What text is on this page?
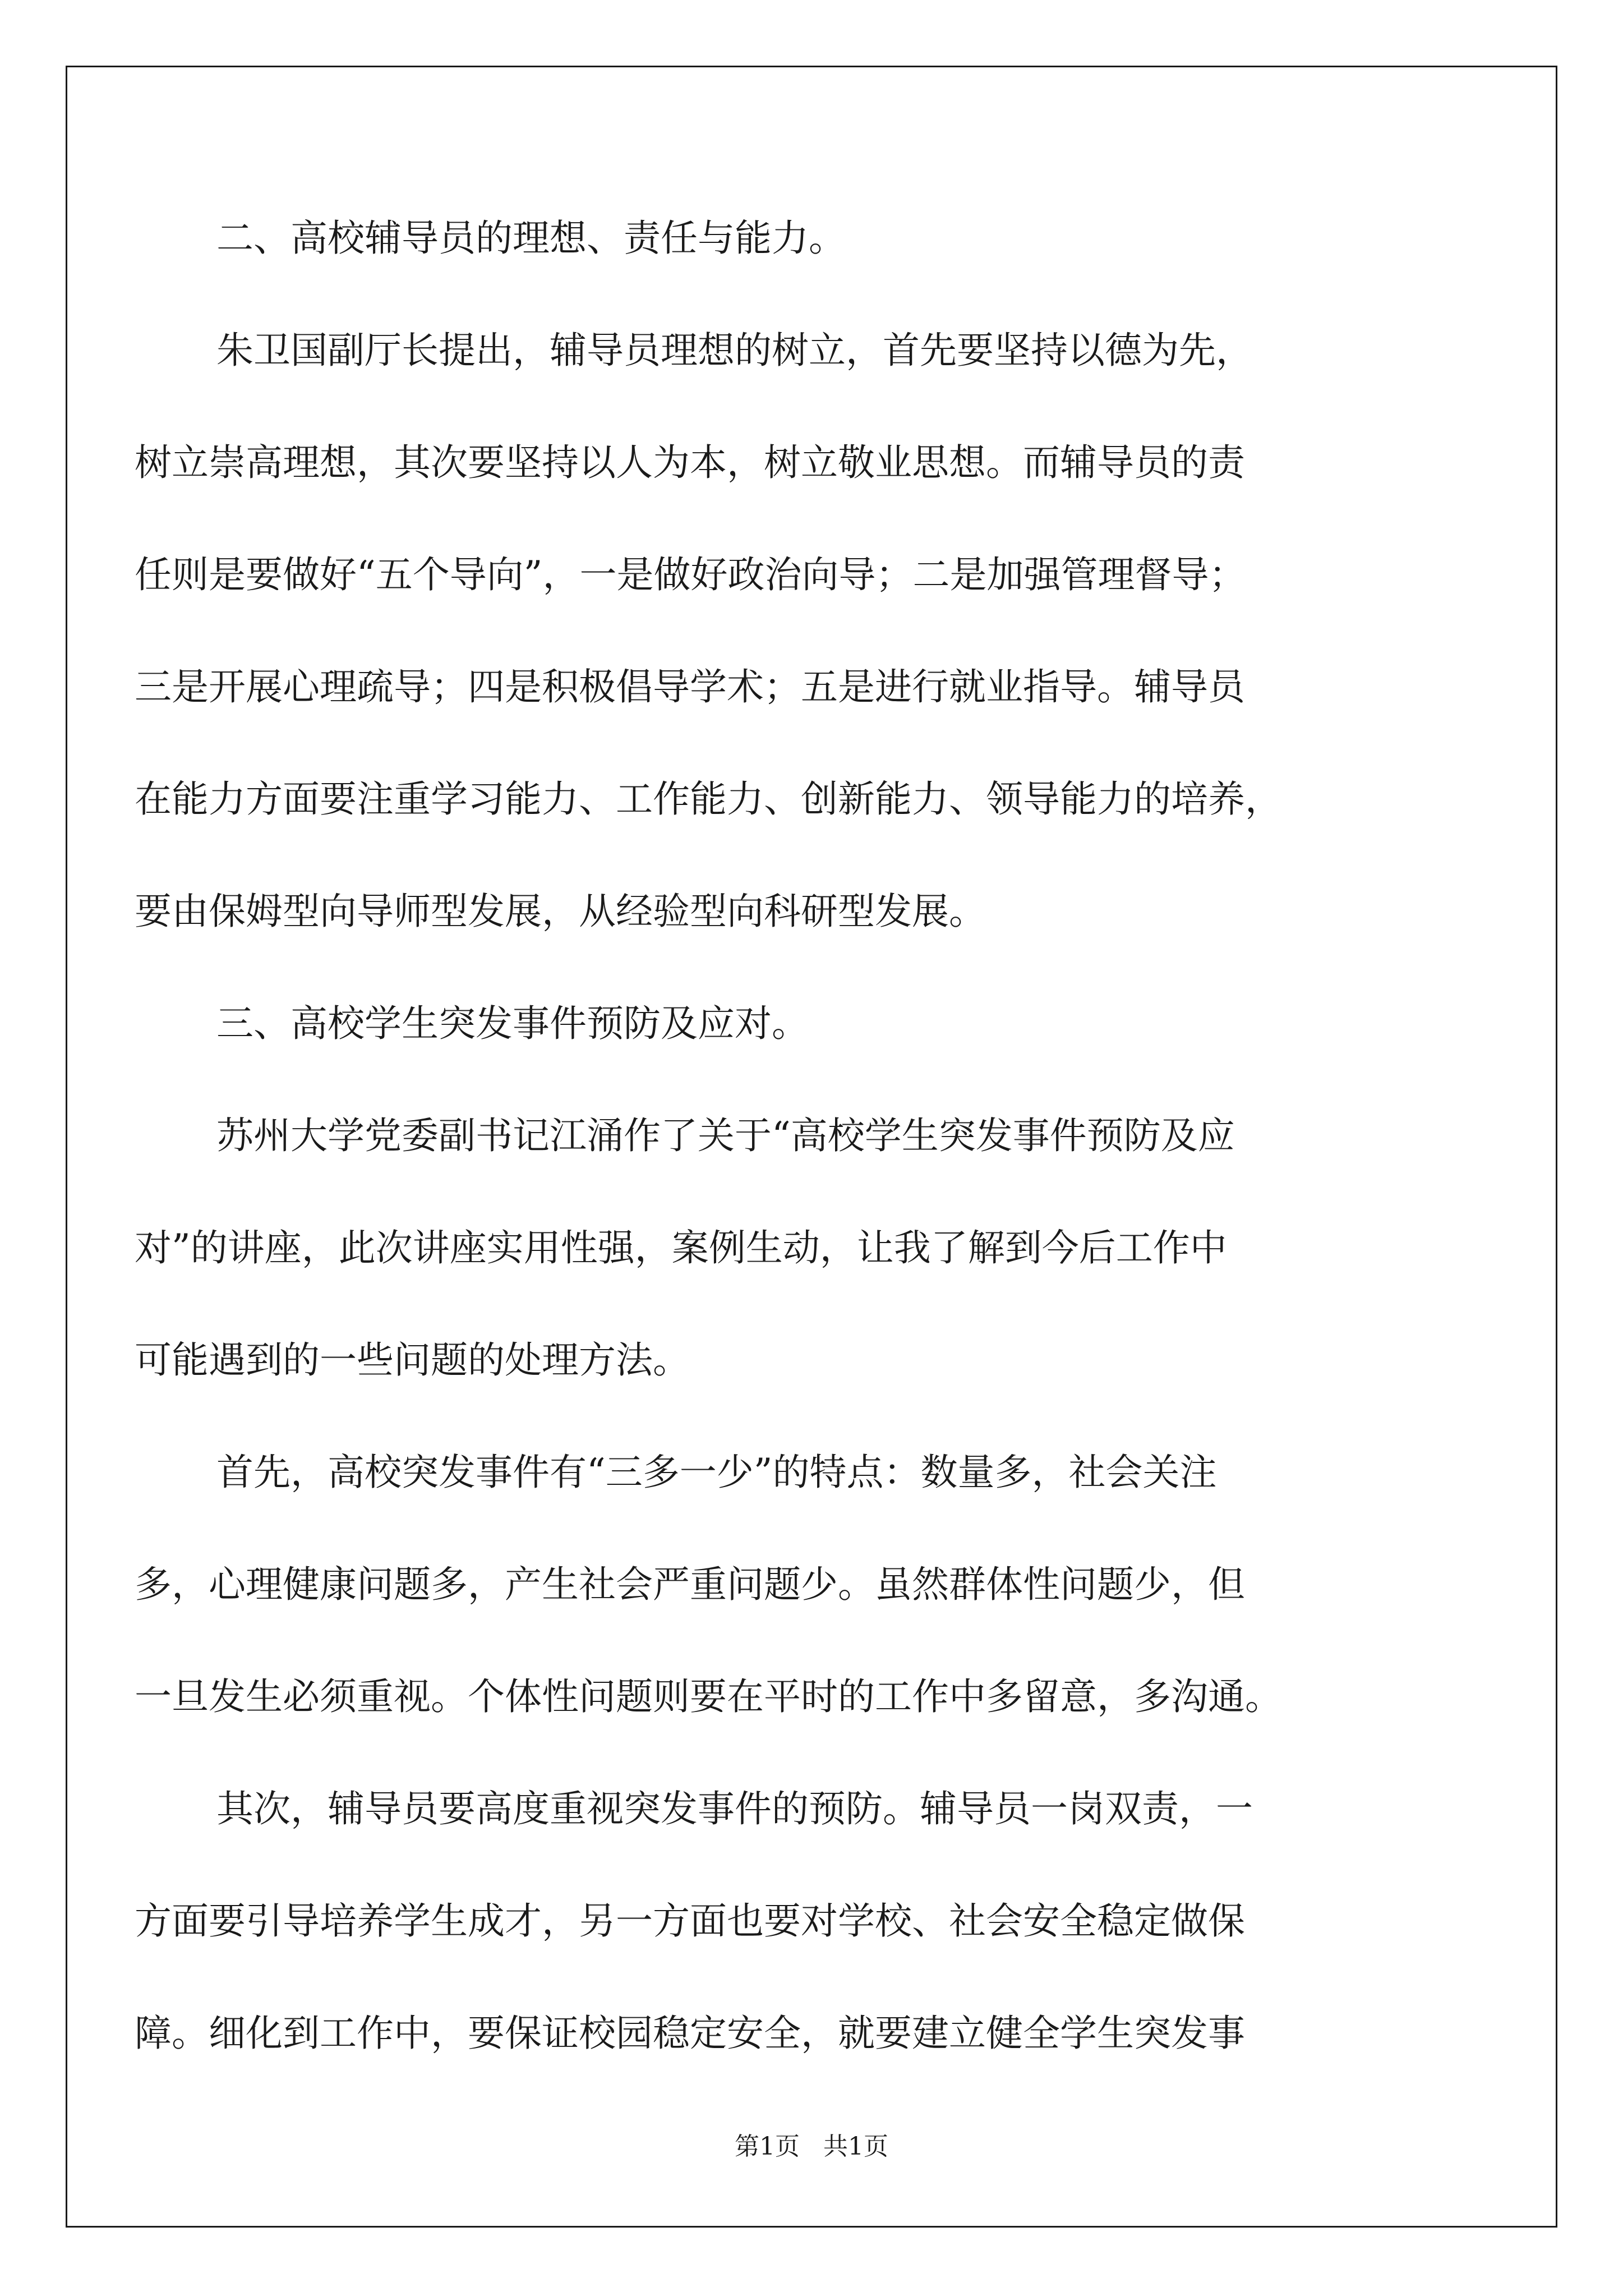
二、高校辅导员的理想、责任与能力。
朱卫国副厅长提出，辅导员理想的树立，首先要坚持以德为先，
树立崇高理想，其次要坚持以人为本，树立敬业思想。而辅导员的责
任则是要做好“五个导向”，一是做好政治向导；二是加强管理督导；
三是开展心理疏导；四是积极倡导学术；五是进行就业指导。辅导员
在能力方面要注重学习能力、工作能力、创新能力、领导能力的培养，
要由保姆型向导师型发展，从经验型向科研型发展。
三、高校学生突发事件预防及应对。
苏州大学党委副书记江涌作了关于“高校学生突发事件预防及应
对”的讲座，此次讲座实用性强，案例生动，让我了解到今后工作中
可能遇到的一些问题的处理方法。
首先，高校突发事件有“三多一少”的特点：数量多，社会关注
多，心理健康问题多，产生社会严重问题少。虽然群体性问题少，但
一旦发生必须重视。个体性问题则要在平时的工作中多留意，多沟通。
其次，辅导员要高度重视突发事件的预防。辅导员一岗双责，一
方面要引导培养学生成才，另一方面也要对学校、社会安全稳定做保
障。细化到工作中，要保证校园稳定安全，就要建立健全学生突发事
第1页 共1页
